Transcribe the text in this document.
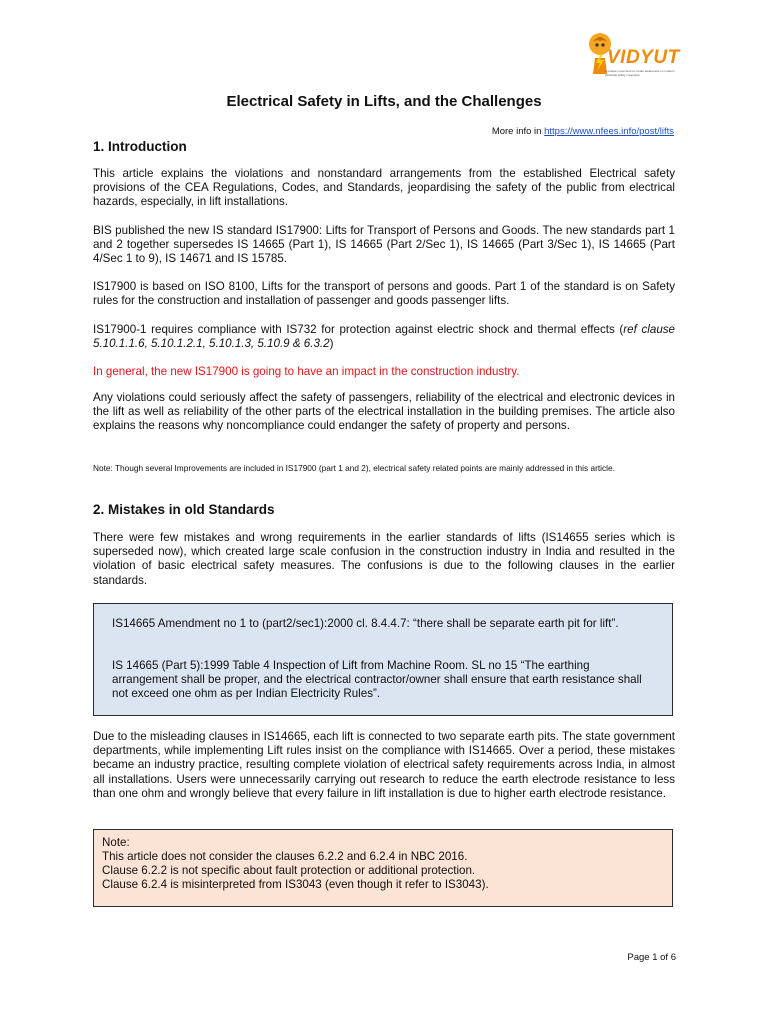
VIDYUT
A unique movement to create awareness on modern electrical safety measures
Electrical Safety in Lifts, and the Challenges
More info in https://www.nfees.info/post/lifts
1. Introduction

This article explains the violations and nonstandard arrangements from the established Electrical safety provisions of the CEA Regulations, Codes, and Standards, jeopardising the safety of the public from electrical hazards, especially, in lift installations.

BIS published the new IS standard IS17900: Lifts for Transport of Persons and Goods. The new standards part 1 and 2 together supersedes IS 14665 (Part 1), IS 14665 (Part 2/Sec 1), IS 14665 (Part 3/Sec 1), IS 14665 (Part 4/Sec 1 to 9), IS 14671 and IS 15785.

IS17900 is based on ISO 8100, Lifts for the transport of persons and goods. Part 1 of the standard is on Safety rules for the construction and installation of passenger and goods passenger lifts.

IS17900-1 requires compliance with IS732 for protection against electric shock and thermal effects (ref clause 5.10.1.1.6, 5.10.1.2.1, 5.10.1.3, 5.10.9 & 6.3.2)

In general, the new IS17900 is going to have an impact in the construction industry.

Any violations could seriously affect the safety of passengers, reliability of the electrical and electronic devices in the lift as well as reliability of the other parts of the electrical installation in the building premises. The article also explains the reasons why noncompliance could endanger the safety of property and persons.

Note: Though several Improvements are included in IS17900 (part 1 and 2), electrical safety related points are mainly addressed in this article.

2. Mistakes in old Standards

There were few mistakes and wrong requirements in the earlier standards of lifts (IS14655 series which is superseded now), which created large scale confusion in the construction industry in India and resulted in the violation of basic electrical safety measures. The confusions is due to the following clauses in the earlier standards.

IS14665 Amendment no 1 to (part2/sec1):2000 cl. 8.4.4.7: “there shall be separate earth pit for lift”.

IS 14665 (Part 5):1999 Table 4 Inspection of Lift from Machine Room. SL no 15 “The earthing arrangement shall be proper, and the electrical contractor/owner shall ensure that earth resistance shall not exceed one ohm as per Indian Electricity Rules”.

Due to the misleading clauses in IS14665, each lift is connected to two separate earth pits. The state government departments, while implementing Lift rules insist on the compliance with IS14665. Over a period, these mistakes became an industry practice, resulting complete violation of electrical safety requirements across India, in almost all installations. Users were unnecessarily carrying out research to reduce the earth electrode resistance to less than one ohm and wrongly believe that every failure in lift installation is due to higher earth electrode resistance.

Note:
This article does not consider the clauses 6.2.2 and 6.2.4 in NBC 2016.
Clause 6.2.2 is not specific about fault protection or additional protection.
Clause 6.2.4 is misinterpreted from IS3043 (even though it refer to IS3043).
Page 1 of 6
